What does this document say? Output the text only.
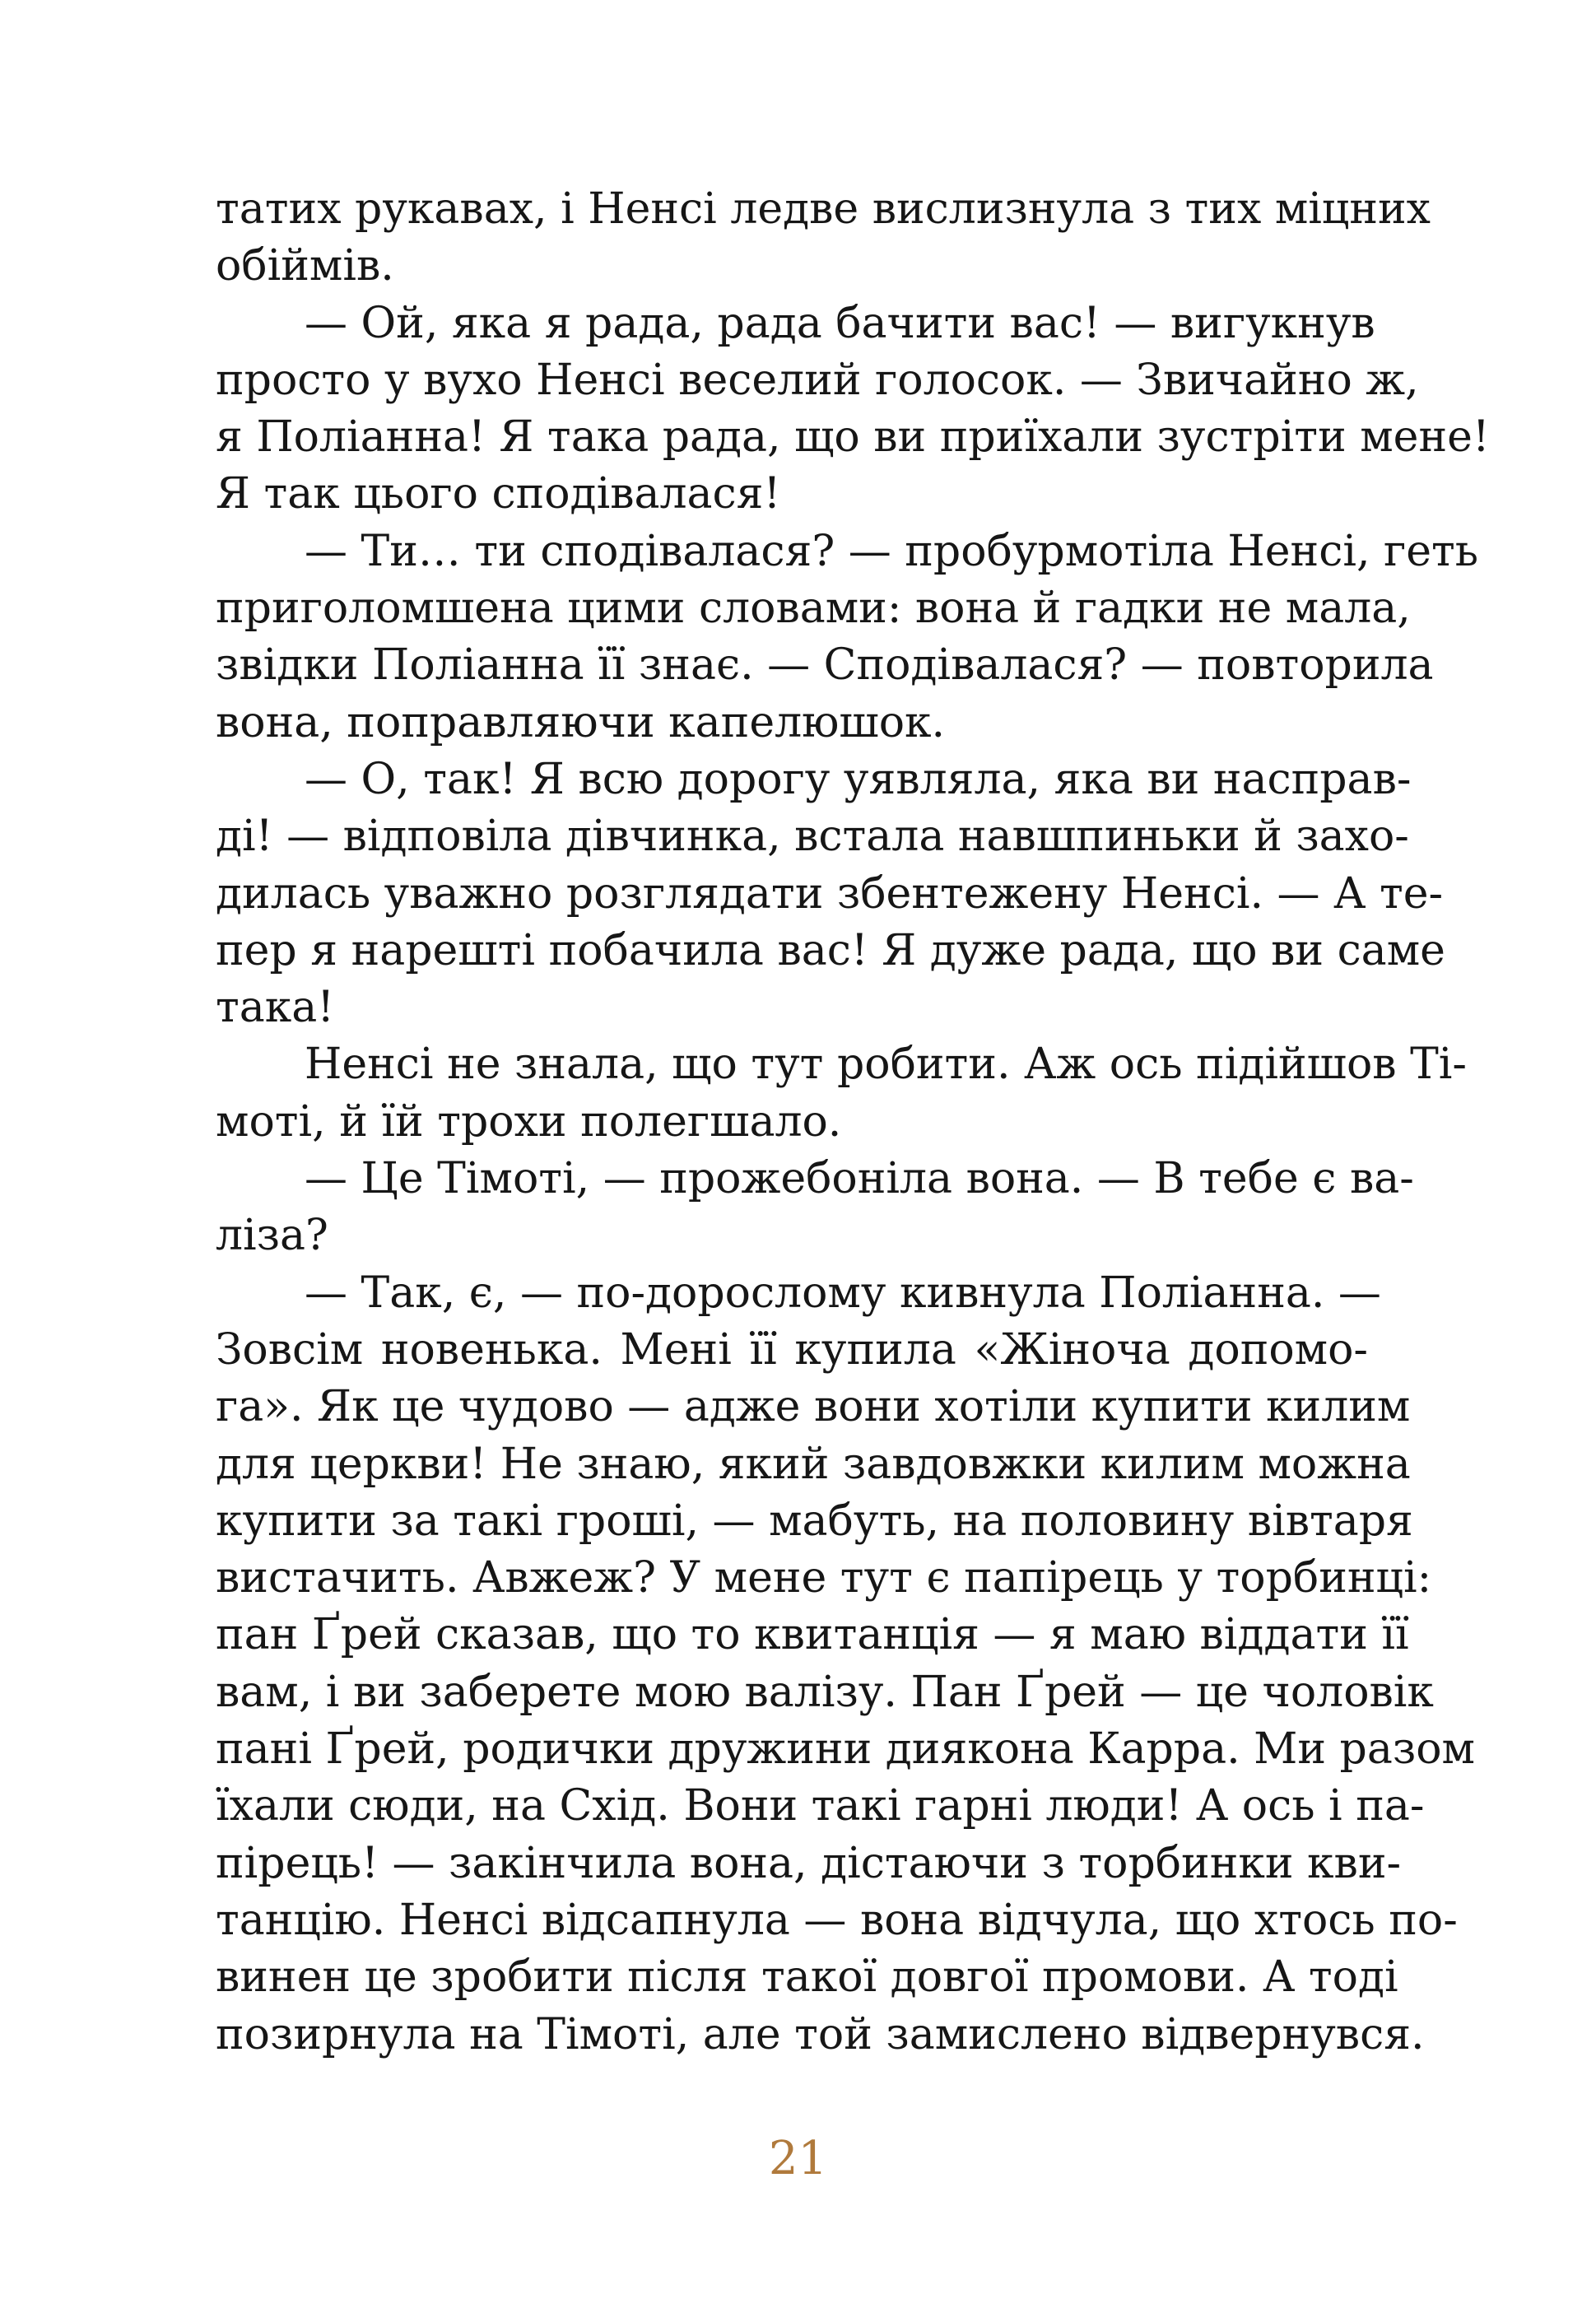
татих рукавах, і Ненсі ледве вислизнула з тих міцних
обіймів.
— Ой, яка я рада, рада бачити вас! — вигукнув
просто у вухо Ненсі веселий голосок. — Звичайно ж,
я Полiанна! Я така рада, що ви приїхали зустріти мене!
Я так цього сподівалася!
— Ти… ти сподівалася? — пробурмотіла Ненсі, геть
приголомшена цими словами: вона й гадки не мала,
звідки Поліанна її знає. — Сподівалася? — повторила
вона, поправляючи капелюшок.
— О, так! Я всю дорогу уявляла, яка ви насправ-
ді! — відповіла дівчинка, встала навшпиньки й захо-
дилась уважно розглядати збентежену Ненсі. — А те-
пер я нарешті побачила вас! Я дуже рада, що ви саме
така!
Ненсі не знала, що тут робити. Аж ось підійшов Ті-
моті, й їй трохи полегшало.
— Це Тімоті, — прожебоніла вона. — В тебе є ва-
лiза?
— Так, є, — по-дорослому кивнула Поліанна. —
Зовсім новенька. Мені її купила «Жіноча допомо-
га». Як це чудово — адже вони хотіли купити килим
для церкви! Не знаю, який завдовжки килим можна
купити за такі гроші, — мабуть, на половину вівтаря
вистачить. Авжеж? У мене тут є папірець у торбинці:
пан Ґрей сказав, що то квитанція — я маю віддати її
вам, і ви заберете мою валізу. Пан Ґрей — це чоловік
пані Ґрей, родички дружини диякона Карра. Ми разом
їхали сюди, на Схід. Вони такі гарні люди! А ось і па-
пірець! — закінчила вона, дістаючи з торбинки кви-
танцію. Ненсі відсапнула — вона відчула, що хтось по-
винен це зробити після такої довгої промови. А тоді
позирнула на Тімоті, але той замислено відвернувся.
21
